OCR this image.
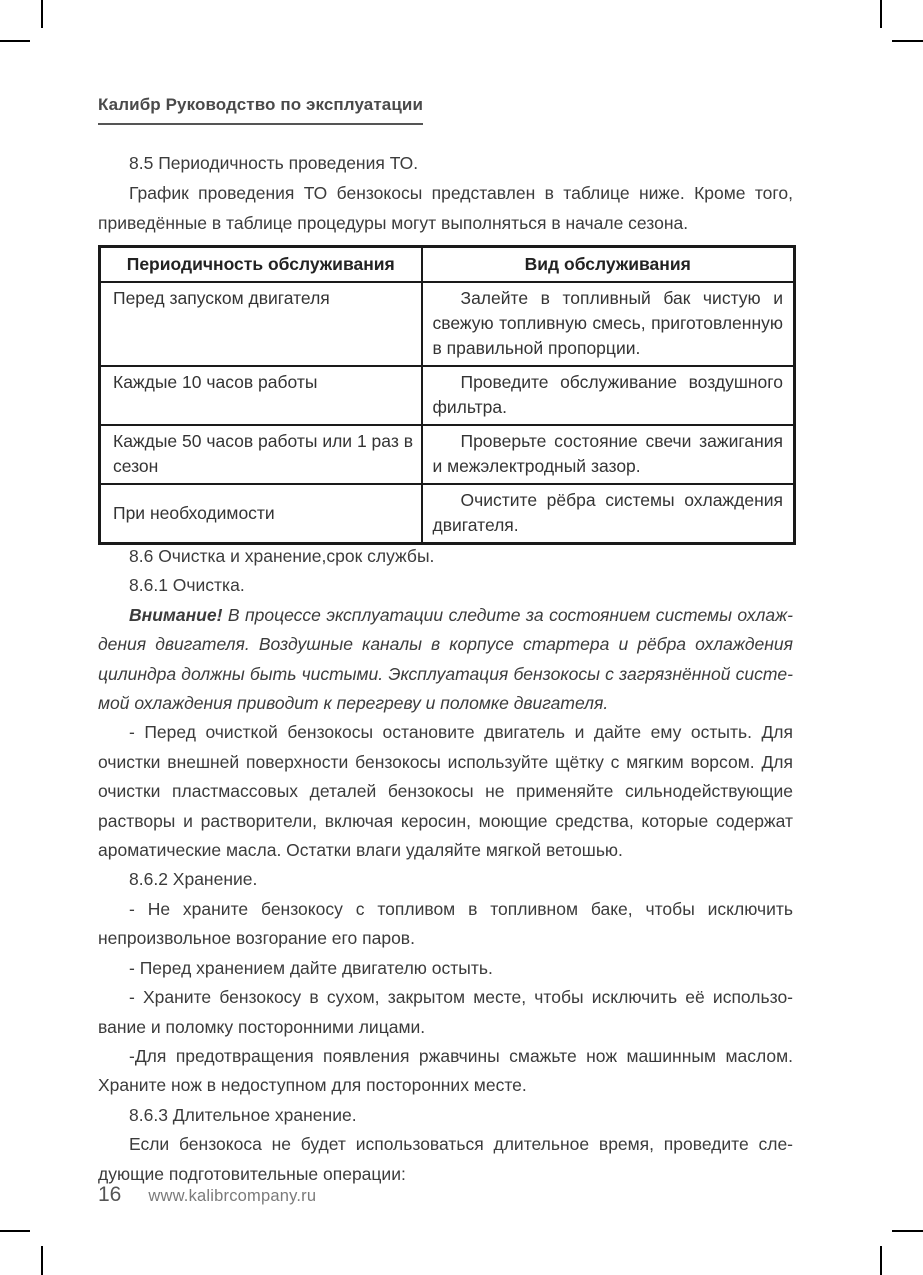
Калибр Руководство по эксплуатации

8.5 Периодичность проведения ТО.

График проведения ТО бензокосы представлен в таблице ниже. Кроме того, приведённые в таблице процедуры могут выполняться в начале сезона.

Периодичность обслуживания	Вид обслуживания
Перед запуском двигателя	Залейте в топливный бак чистую и свежую топливную смесь, приготовленную в правильной пропорции.
Каждые 10 часов работы	Проведите обслуживание воздушного фильтра.
Каждые 50 часов работы или 1 раз в сезон	Проверьте состояние свечи зажигания и межэлектродный зазор.
При необходимости	Очистите рёбра системы охлаждения двигателя.

8.6 Очистка и хранение,срок службы.

8.6.1 Очистка.

Внимание! В процессе эксплуатации следите за состоянием системы охлаждения двигателя. Воздушные каналы в корпусе стартера и рёбра охлаждения цилиндра должны быть чистыми. Эксплуатация бензокосы с загрязнённой системой охлаждения приводит к перегреву и поломке двигателя.

- Перед очисткой бензокосы остановите двигатель и дайте ему остыть. Для очистки внешней поверхности бензокосы используйте щётку с мягким ворсом. Для очистки пластмассовых деталей бензокосы не применяйте сильнодействующие растворы и растворители, включая керосин, моющие средства, которые содержат ароматические масла. Остатки влаги удаляйте мягкой ветошью.

8.6.2 Хранение.

- Не храните бензокосу с топливом в топливном баке, чтобы исключить непроизвольное возгорание его паров.

- Перед хранением дайте двигателю остыть.

- Храните бензокосу в сухом, закрытом месте, чтобы исключить её использование и поломку посторонними лицами.

-Для предотвращения появления ржавчины смажьте нож машинным маслом. Храните нож в недоступном для посторонних месте.

8.6.3 Длительное хранение.

Если бензокоса не будет использоваться длительное время, проведите следующие подготовительные операции:

16 www.kalibrcompany.ru
